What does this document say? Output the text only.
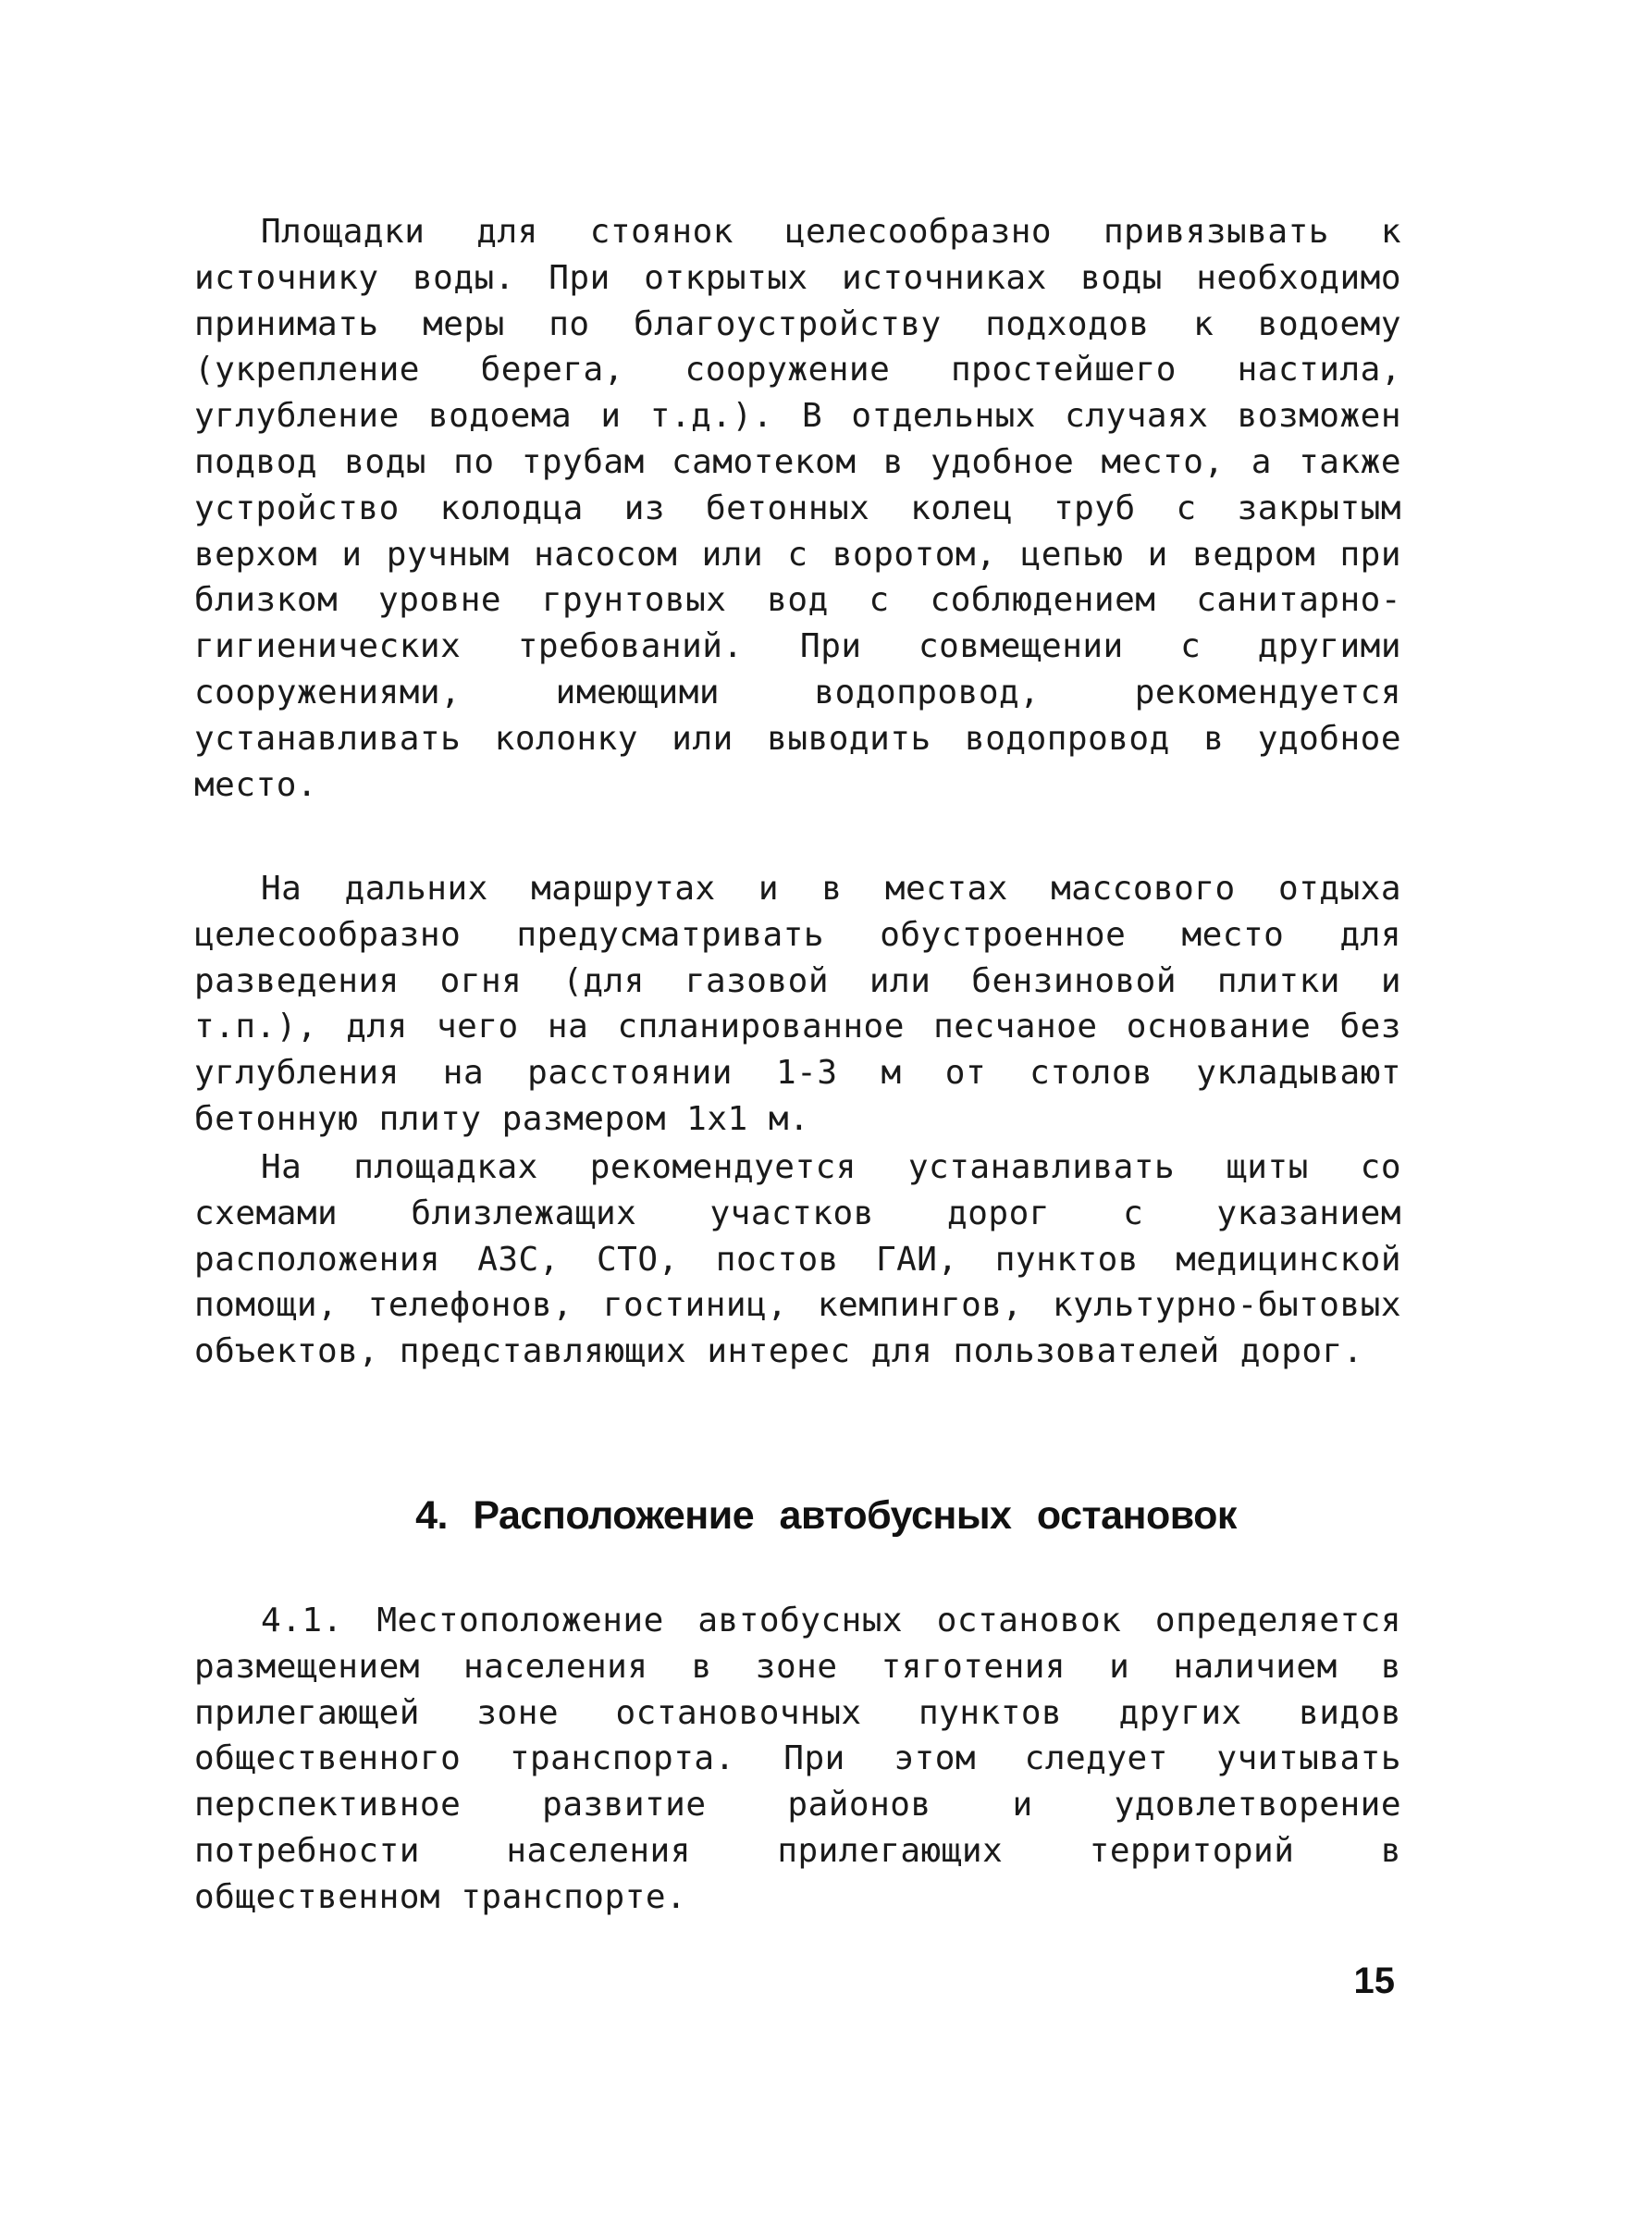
Площадки для стоянок целесообразно привязывать к источнику воды. При открытых источниках воды необходимо принимать меры по благоустройству подходов к водоему (укрепление берега, сооружение простейшего настила, углубление водоема и т.д.). В отдельных случаях возможен подвод воды по трубам самотеком в удобное место, а также устройство колодца из бетонных колец труб с закрытым верхом и ручным насосом или с воротом, цепью и ведром при близком уровне грунтовых вод с соблюдением санитарно-гигиенических требований. При совмещении с другими сооружениями, имеющими водопровод, рекомендуется устанавливать колонку или выводить водопровод в удобное место.

На дальних маршрутах и в местах массового отдыха целесообразно предусматривать обустроенное место для разведения огня (для газовой или бензиновой плитки и т.п.), для чего на спланированное песчаное основание без углубления на расстоянии 1-3 м от столов укладывают бетонную плиту размером 1х1 м.

На площадках рекомендуется устанавливать щиты со схемами близлежащих участков дорог с указанием расположения АЗС, СТО, постов ГАИ, пунктов медицинской помощи, телефонов, гостиниц, кемпингов, культурно-бытовых объектов, представляющих интерес для пользователей дорог.

4. Расположение автобусных остановок

4.1. Местоположение автобусных остановок определяется размещением населения в зоне тяготения и наличием в прилегающей зоне остановочных пунктов других видов общественного транспорта. При этом следует учитывать перспективное развитие районов и удовлетворение потребности населения прилегающих территорий в общественном транспорте.

15
